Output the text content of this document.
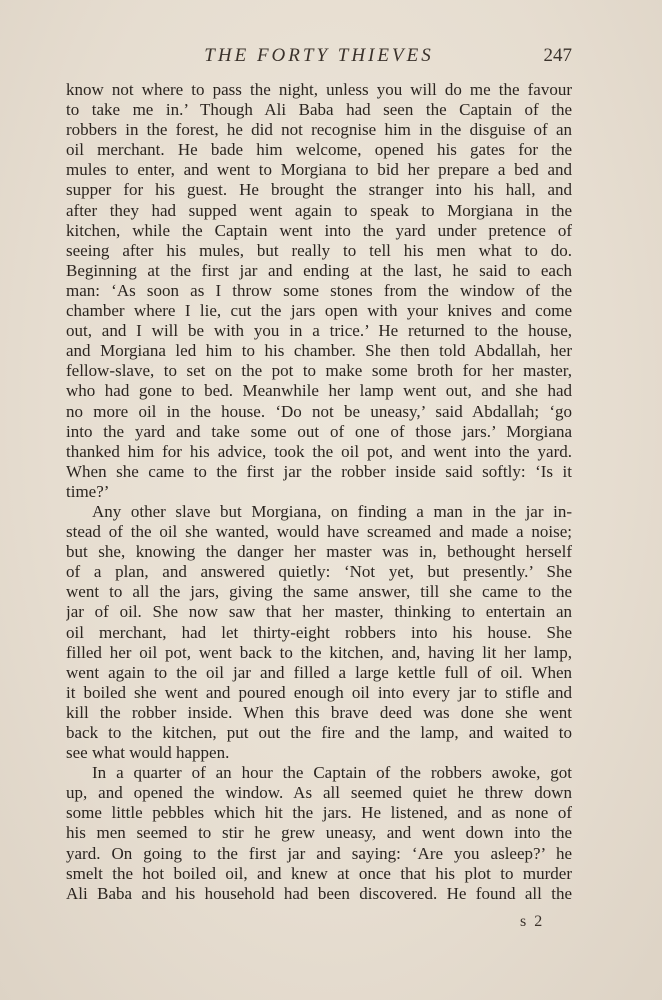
THE FORTY THIEVES	247
know not where to pass the night, unless you will do me the favour
to take me in.’ Though Ali Baba had seen the Captain of the
robbers in the forest, he did not recognise him in the disguise of an
oil merchant. He bade him welcome, opened his gates for the
mules to enter, and went to Morgiana to bid her prepare a bed and
supper for his guest. He brought the stranger into his hall, and
after they had supped went again to speak to Morgiana in the
kitchen, while the Captain went into the yard under pretence of
seeing after his mules, but really to tell his men what to do.
Beginning at the first jar and ending at the last, he said to each
man: ‘As soon as I throw some stones from the window of the
chamber where I lie, cut the jars open with your knives and come
out, and I will be with you in a trice.’ He returned to the house,
and Morgiana led him to his chamber. She then told Abdallah, her
fellow-slave, to set on the pot to make some broth for her master,
who had gone to bed. Meanwhile her lamp went out, and she had
no more oil in the house. ‘Do not be uneasy,’ said Abdallah; ‘go
into the yard and take some out of one of those jars.’ Morgiana
thanked him for his advice, took the oil pot, and went into the yard.
When she came to the first jar the robber inside said softly: ‘Is it
time?’
Any other slave but Morgiana, on finding a man in the jar in-
stead of the oil she wanted, would have screamed and made a noise;
but she, knowing the danger her master was in, bethought herself
of a plan, and answered quietly: ‘Not yet, but presently.’ She
went to all the jars, giving the same answer, till she came to the
jar of oil. She now saw that her master, thinking to entertain an
oil merchant, had let thirty-eight robbers into his house. She
filled her oil pot, went back to the kitchen, and, having lit her lamp,
went again to the oil jar and filled a large kettle full of oil. When
it boiled she went and poured enough oil into every jar to stifle and
kill the robber inside. When this brave deed was done she went
back to the kitchen, put out the fire and the lamp, and waited to
see what would happen.
In a quarter of an hour the Captain of the robbers awoke, got
up, and opened the window. As all seemed quiet he threw down
some little pebbles which hit the jars. He listened, and as none of
his men seemed to stir he grew uneasy, and went down into the
yard. On going to the first jar and saying: ‘Are you asleep?’ he
smelt the hot boiled oil, and knew at once that his plot to murder
Ali Baba and his household had been discovered. He found all the
s 2
